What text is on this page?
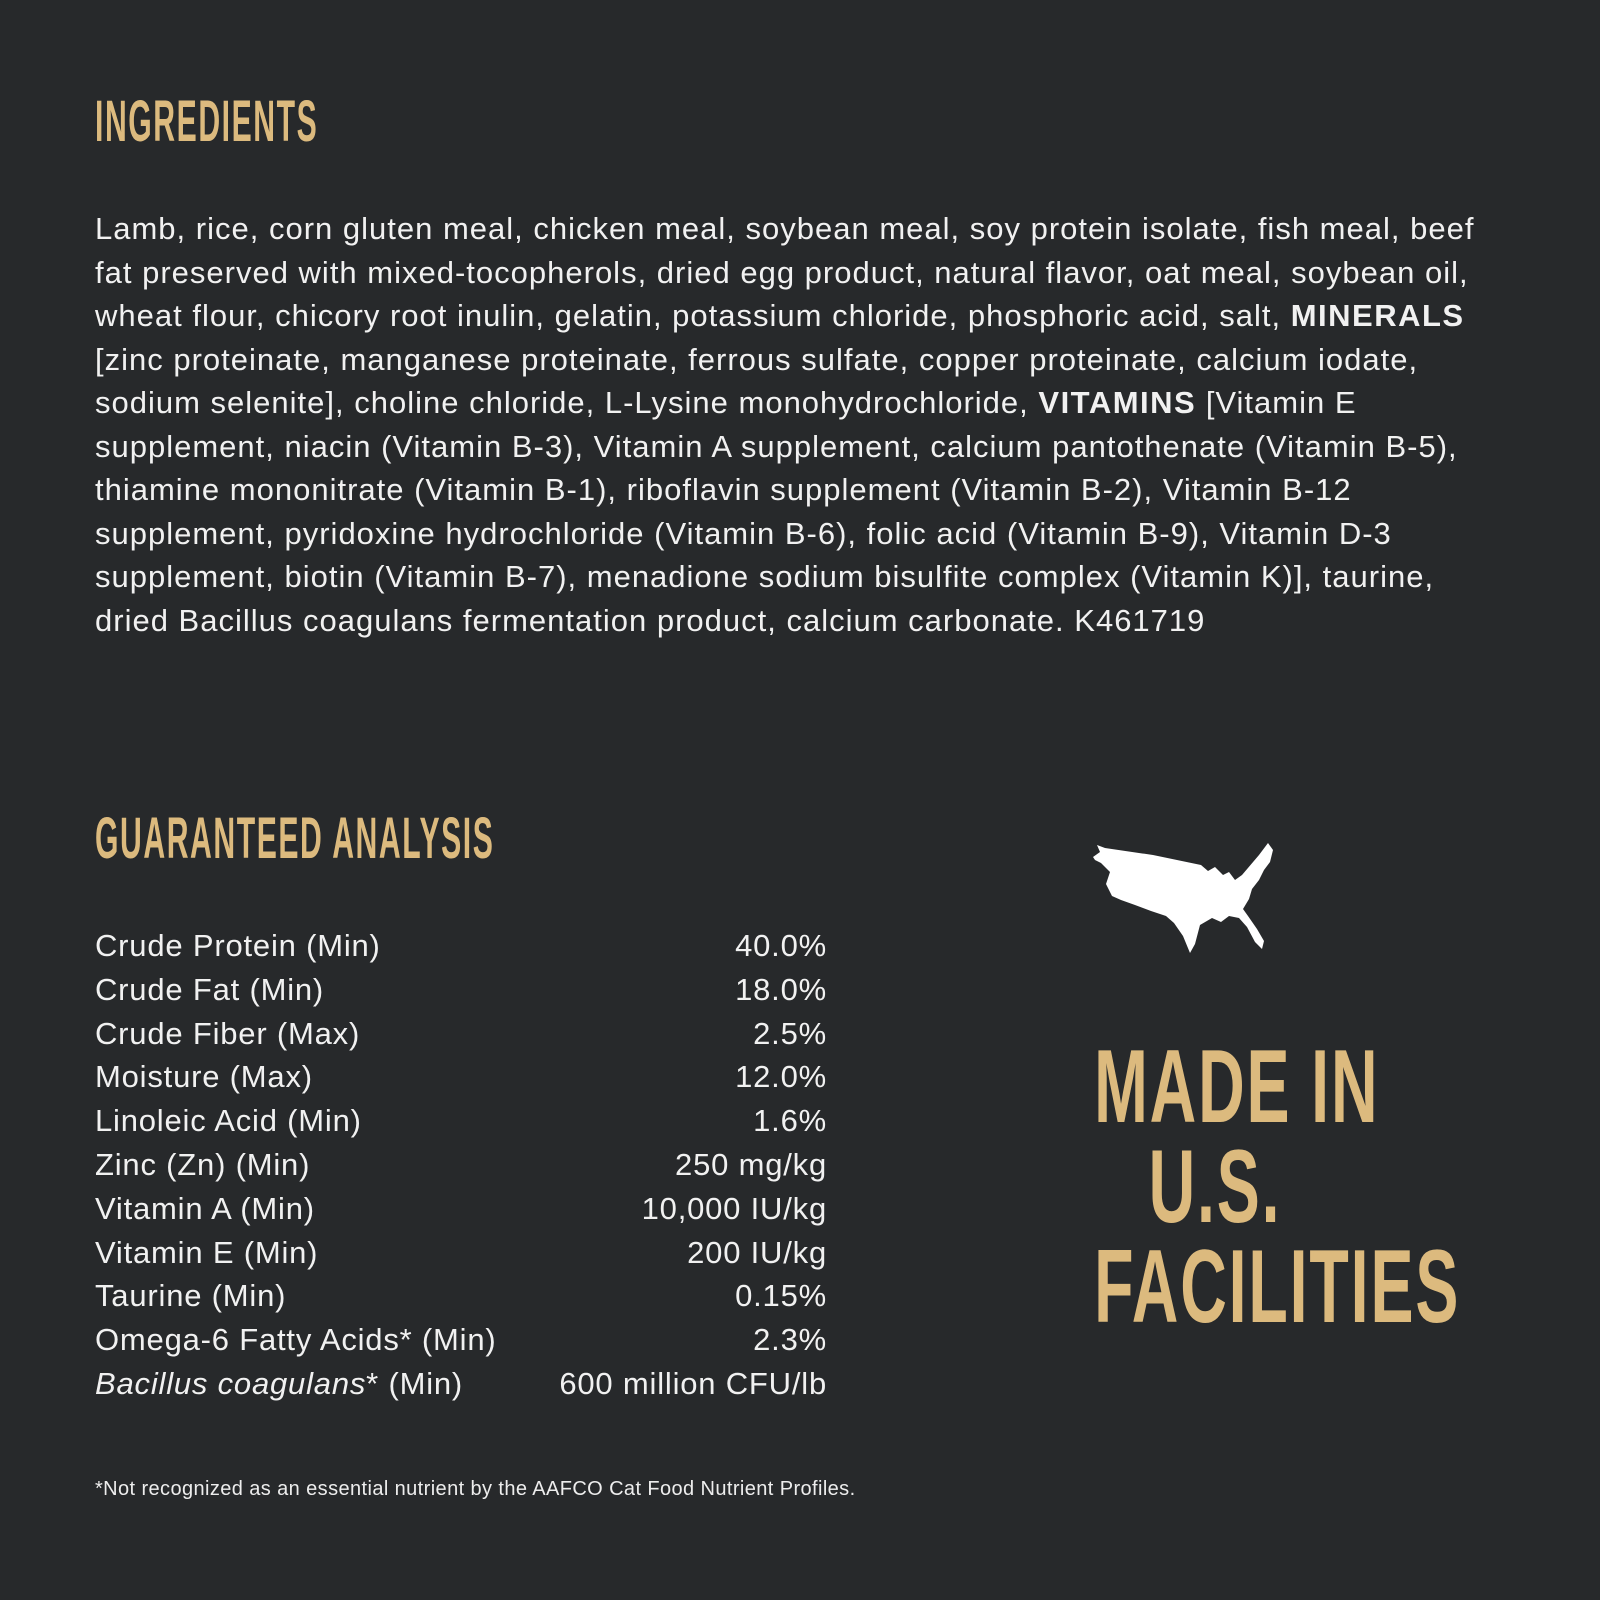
INGREDIENTS
Lamb, rice, corn gluten meal, chicken meal, soybean meal, soy protein isolate, fish meal, beef fat preserved with mixed-tocopherols, dried egg product, natural flavor, oat meal, soybean oil, wheat flour, chicory root inulin, gelatin, potassium chloride, phosphoric acid, salt, MINERALS [zinc proteinate, manganese proteinate, ferrous sulfate, copper proteinate, calcium iodate, sodium selenite], choline chloride, L-Lysine monohydrochloride, VITAMINS [Vitamin E supplement, niacin (Vitamin B-3), Vitamin A supplement, calcium pantothenate (Vitamin B-5), thiamine mononitrate (Vitamin B-1), riboflavin supplement (Vitamin B-2), Vitamin B-12 supplement, pyridoxine hydrochloride (Vitamin B-6), folic acid (Vitamin B-9), Vitamin D-3 supplement, biotin (Vitamin B-7), menadione sodium bisulfite complex (Vitamin K)], taurine, dried Bacillus coagulans fermentation product, calcium carbonate. K461719
GUARANTEED ANALYSIS
Crude Protein (Min)	40.0%
Crude Fat (Min)	18.0%
Crude Fiber (Max)	2.5%
Moisture (Max)	12.0%
Linoleic Acid (Min)	1.6%
Zinc (Zn) (Min)	250 mg/kg
Vitamin A (Min)	10,000 IU/kg
Vitamin E (Min)	200 IU/kg
Taurine (Min)	0.15%
Omega-6 Fatty Acids* (Min)	2.3%
Bacillus coagulans* (Min)	600 million CFU/lb
MADE IN
U.S.
FACILITIES
*Not recognized as an essential nutrient by the AAFCO Cat Food Nutrient Profiles.
